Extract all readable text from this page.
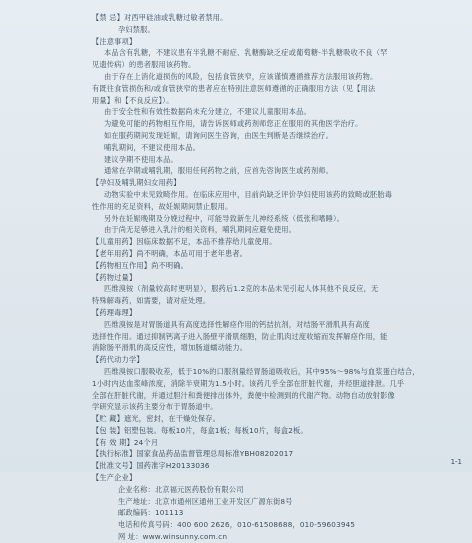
【禁 忌】对西甲硅油或乳糖过敏者禁用。
孕妇禁服。
【注意事项】
本品含有乳糖，不建议患有半乳糖不耐症、乳糖酶缺乏症或葡萄糖-半乳糖吸收不良（罕
见遗传病）的患者服用该药物。
由于存在上消化道损伤的风险，包括食管狭窄，应该谨慎遵循推荐方法服用该药物。
有既往食管损伤和/或食管狭窄的患者应在特别注意医师遵循的正确服用方法（见【用法
用量】和【不良反应】）。
由于安全性和有效性数据尚未充分建立，不建议儿童服用本品。
为避免可能的药物相互作用，请告诉医师或药剂师您正在服用的其他医学治疗。
如在服药期间发现妊娠，请询问医生咨询，由医生判断是否继续治疗。
哺乳期间，不建议使用本品。
建议孕期不使用本品。
通常在孕期或哺乳期，服用任何药物之前，应首先咨询医生或药剂师。
【孕妇及哺乳期妇女用药】
动物实验中未见致畸作用。在临床应用中，目前尚缺乏评价孕妇使用该药的致畸或胚胎毒
性作用的充足资料，故妊娠期间禁止服用。
另外在妊娠晚期及分娩过程中，可能导致新生儿神经系统（低张和嗜睡）。
由于尚无足够进入乳汁的相关资料，哺乳期间应避免使用。
【儿童用药】因临床数据不足，本品不推荐给儿童使用。
【老年用药】尚不明确，本品可用于老年患者。
【药物相互作用】尚不明确。
【药物过量】
匹维溴铵（剂量较高时更明显），服药后1.2克的本品未见引起人体其他不良反应，无
特殊解毒药，如需要，请对症处理。
【药理毒理】
匹维溴铵是对胃肠道具有高度选择性解痉作用的钙拮抗剂，对结肠平滑肌具有高度
选择性作用。通过抑制钙离子进入肠壁平滑肌细胞，防止肌肉过度收缩而发挥解痉作用，能
消除肠平滑肌的高反应性，增加肠道蠕动能力。
【药代动力学】
匹维溴铵口服吸收差，低于10%的口服剂量经胃肠道吸收后，其中95%～98%与血浆蛋白结合，
1小时内达血浆峰浓度，消除半衰期为1.5小时。该药几乎全部在肝脏代谢，并经胆道排泄。几乎
全部在肝脏代谢，并通过胆汁和粪便排出体外，粪便中检测到的代谢产物。动物自动放射影像
学研究显示该药主要分布于胃肠道中。
【贮 藏】遮光，密封，在干燥处保存。
【包 装】铝塑包装。每板10片，每盒1板；每板10片，每盒2板。
【有 效 期】24个月
【执行标准】国家食品药品监督管理总局标准YBH08202017
【批准文号】国药准字H20133036
【生产企业】
企业名称：北京福元医药股份有限公司
生产地址：北京市通州区通州工业开发区广源东街8号
邮政编码：101113
电话和传真号码：400 600 2626，010-61508688，010-59603945
网 址：www.winsunny.com.cn
1-1
